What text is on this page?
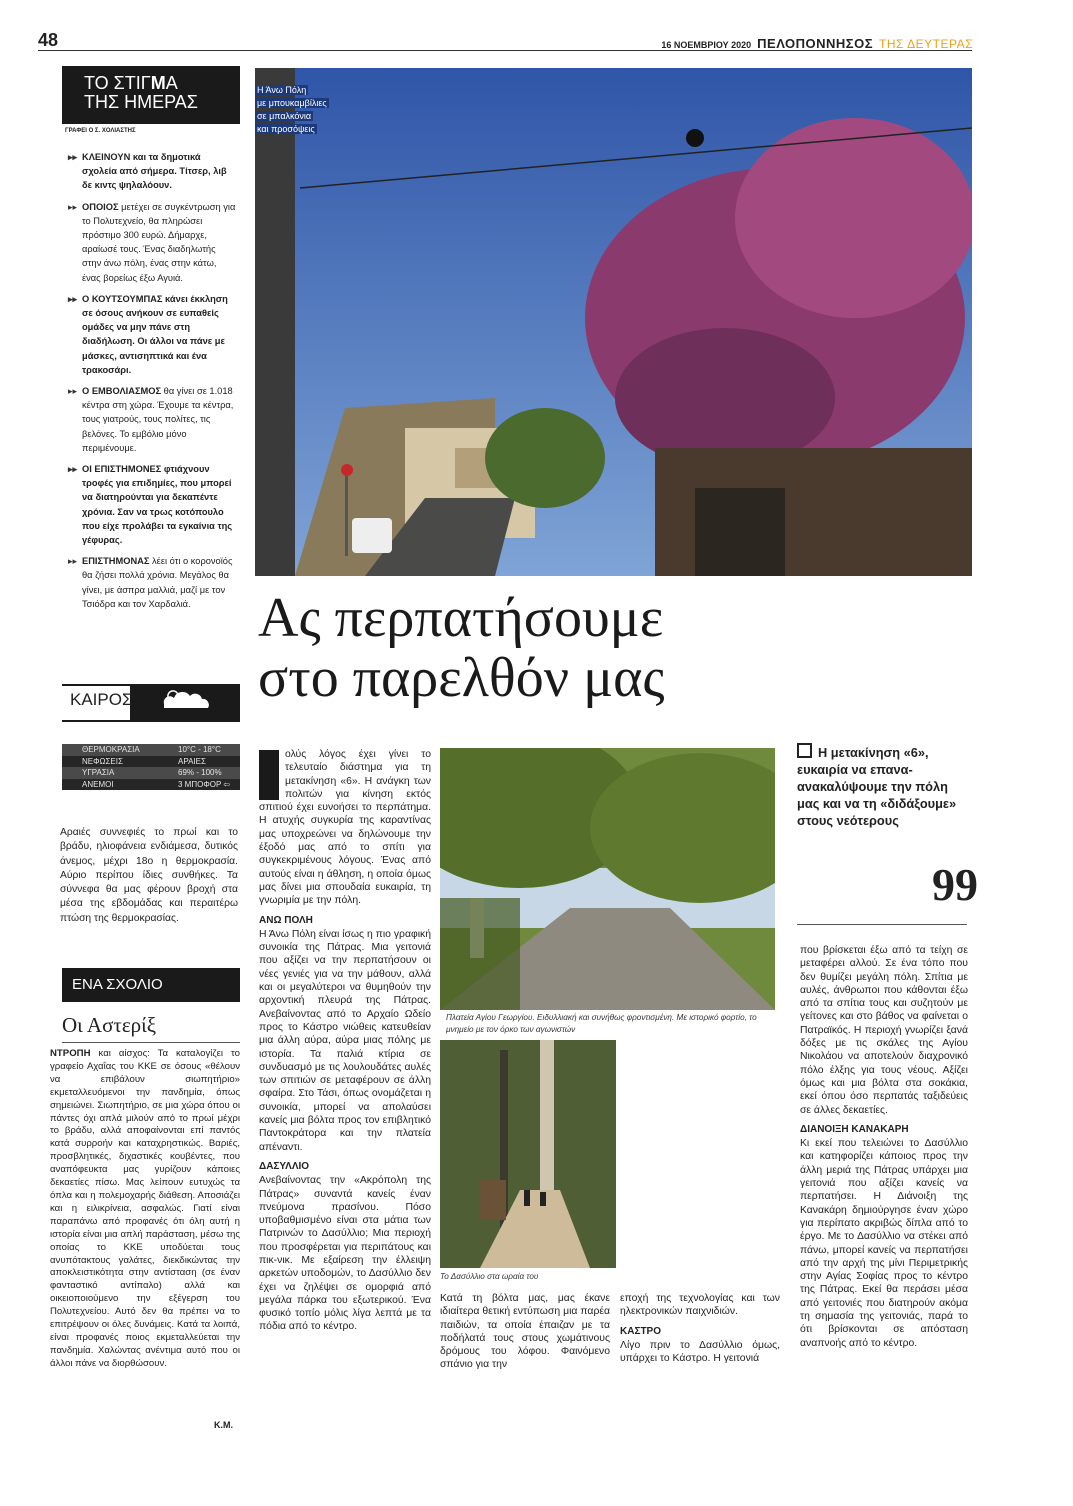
48	16 ΝΟΕΜΒΡΙΟΥ 2020 ΠΕΛΟΠΟΝΝΗΣΟΣ ΤΗΣ ΔΕΥΤΕΡΑΣ
ΤΟ ΣΤΙΓΜΑ
ΤΗΣ ΗΜΕΡΑΣ
ΓΡΑΦΕΙ Ο Σ. ΧΟΛΙΑΣΤΗΣ
▸▸ ΚΛΕΙΝΟΥΝ και τα δημοτικά σχολεία από σήμερα. Τίτσερ, λιβ δε κιντς ψηλαλόουν.
▸▸ ΟΠΟΙΟΣ μετέχει σε συγκέντρωση για το Πολυτεχνείο, θα πληρώσει πρόστιμο 300 ευρώ. Δήμαρχε, αραίωσέ τους. Ένας διαδηλωτής στην άνω πόλη, ένας στην κάτω, ένας βορείως έξω Αγυιά.
▸▸ Ο ΚΟΥΤΣΟΥΜΠΑΣ κάνει έκκληση σε όσους ανήκουν σε ευπαθείς ομάδες να μην πάνε στη διαδήλωση. Οι άλλοι να πάνε με μάσκες, αντισηπτικά και ένα τρακοσάρι.
▸▸ Ο ΕΜΒΟΛΙΑΣΜΟΣ θα γίνει σε 1.018 κέντρα στη χώρα. Έχουμε τα κέντρα, τους γιατρούς, τους πολίτες, τις βελόνες. Το εμβόλιο μόνο περιμένουμε.
▸▸ ΟΙ ΕΠΙΣΤΗΜΟΝΕΣ φτιάχνουν τροφές για επιδημίες, που μπορεί να διατηρούνται για δεκαπέντε χρόνια. Σαν να τρως κοτόπουλο που είχε προλάβει τα εγκαίνια της γέφυρας.
▸▸ ΕΠΙΣΤΗΜΟΝΑΣ λέει ότι ο κορονοϊός θα ζήσει πολλά χρόνια. Μεγάλος θα γίνει, με άσπρα μαλλιά, μαζί με τον Τσιόδρα και τον Χαρδαλιά.
ΚΑΙΡΟΣ
ΘΕΡΜΟΚΡΑΣΙΑ	10°C - 18°C
ΝΕΦΩΣΕΙΣ	ΑΡΑΙΕΣ
ΥΓΡΑΣΙΑ	69% - 100%
ΑΝΕΜΟΙ	3 ΜΠΟΦΟΡ ⇦
Αραιές συννεφιές το πρωί και το βράδυ, ηλιοφάνεια ενδιάμεσα, δυτικός άνεμος, μέχρι 18ο η θερμοκρασία. Αύριο περίπου ίδιες συνθήκες. Τα σύννεφα θα μας φέρουν βροχή στα μέσα της εβδομάδας και περαιτέρω πτώση της θερμοκρασίας.
ΕΝΑ ΣΧΟΛΙΟ
Οι Αστερίξ
ΝΤΡΟΠΗ και αίσχος: Τα καταλογίζει το γραφείο Αχαΐας του ΚΚΕ σε όσους «θέλουν να επιβάλουν σιωπητήριο» εκμεταλλευόμενοι την πανδημία, όπως σημειώνει. Σιωπητήριο, σε μια χώρα όπου οι πάντες όχι απλά μιλούν από το πρωί μέχρι το βράδυ, αλλά αποφαίνονται επί παντός κατά συρροήν και καταχρηστικώς. Βαριές, προσβλητικές, διχαστικές κουβέντες, που αναπόφευκτα μας γυρίζουν κάποιες δεκαετίες πίσω. Μας λείπουν ευτυχώς τα όπλα και η πολεμοχαρής διάθεση. Αποσιάζει και η ειλικρίνεια, ασφαλώς. Γιατί είναι παραπάνω από προφανές ότι όλη αυτή η ιστορία είναι μια απλή παράσταση, μέσω της οποίας το ΚΚΕ υποδύεται τους ανυπότακτους γαλάτες, διεκδικώντας την αποκλειστικότητα στην αντίσταση (σε έναν φανταστικό αντίπαλο) αλλά και οικειοποιούμενο την εξέγερση του Πολυτεχνείου. Αυτό δεν θα πρέπει να το επιτρέψουν οι όλες δυνάμεις. Κατά τα λοιπά, είναι προφανές ποιος εκμεταλλεύεται την πανδημία. Χαλώντας ανέντιμα αυτό που οι άλλοι πάνε να διορθώσουν.
Κ.Μ.
Η Άνω Πόλη
με μπουκαμβίλιες
σε μπαλκόνια
και προσόψεις
Ας περπατήσουμε
στο παρελθόν μας
ολύς λόγος έχει γίνει το τελευταίο διάστημα για τη μετακίνηση «6». Η ανάγκη των πολιτών για κίνηση εκτός σπιτιού έχει ευνοήσει το περπάτημα. Η ατυχής συγκυρία της καραντίνας μας υποχρεώνει να δηλώνουμε την έξοδό μας από το σπίτι για συγκεκριμένους λόγους. Ένας από αυτούς είναι η άθληση, η οποία όμως μας δίνει μια σπουδαία ευκαιρία, τη γνωριμία με την πόλη.
ΑΝΩ ΠΟΛΗ
Η Άνω Πόλη είναι ίσως η πιο γραφική συνοικία της Πάτρας. Μια γειτονιά που αξίζει να την περπατήσουν οι νέες γενιές για να την μάθουν, αλλά και οι μεγαλύτεροι να θυμηθούν την αρχοντική πλευρά της Πάτρας. Ανεβαίνοντας από το Αρχαίο Ωδείο προς το Κάστρο νιώθεις κατευθείαν μια άλλη αύρα, αύρα μιας πόλης με ιστορία. Τα παλιά κτίρια σε συνδυασμό με τις λουλουδάτες αυλές των σπιτιών σε μεταφέρουν σε άλλη σφαίρα. Στο Τάσι, όπως ονομάζεται η συνοικία, μπορεί να απολαύσει κανείς μια βόλτα προς τον επιβλητικό Παντοκράτορα και την πλατεία απέναντι.
ΔΑΣΥΛΛΙΟ
Ανεβαίνοντας την «Ακρόπολη της Πάτρας» συναντά κανείς έναν πνεύμονα πρασίνου. Πόσο υποβαθμισμένο είναι στα μάτια των Πατρινών το Δασύλλιο; Μια περιοχή που προσφέρεται για περιπάτους και πικ-νικ. Με εξαίρεση την έλλειψη αρκετών υποδομών, το Δασύλλιο δεν έχει να ζηλέψει σε ομορφιά από μεγάλα πάρκα του εξωτερικού. Ένα φυσικό τοπίο μόλις λίγα λεπτά με τα πόδια από το κέντρο.
Πλατεία Αγίου Γεωργίου. Ειδυλλιακή και συνήθως φροντισμένη. Με ιστορικό φορτίο, το μνημείο με τον όρκο των αγωνιστών
Το Δασύλλιο στα ωραία του
Κατά τη βόλτα μας, μας έκανε ιδιαίτερα θετική εντύπωση μια παρέα παιδιών, τα οποία έπαιζαν με τα ποδήλατά τους στους χωμάτινους δρόμους του λόφου. Φαινόμενο σπάνιο για την
εποχή της τεχνολογίας και των ηλεκτρονικών παιχνιδιών.
ΚΑΣΤΡΟ
Λίγο πριν το Δασύλλιο όμως, υπάρχει το Κάστρο. Η γειτονιά
Η μετακίνηση «6», ευκαιρία να επανα-ανακαλύψουμε την πόλη μας και να τη «διδάξουμε» στους νεότερους
99
που βρίσκεται έξω από τα τείχη σε μεταφέρει αλλού. Σε ένα τόπο που δεν θυμίζει μεγάλη πόλη. Σπίτια με αυλές, άνθρωποι που κάθονται έξω από τα σπίτια τους και συζητούν με γείτονες και στο βάθος να φαίνεται ο Πατραϊκός. Η περιοχή γνωρίζει ξανά δόξες με τις σκάλες της Αγίου Νικολάου να αποτελούν διαχρονικό πόλο έλξης για τους νέους. Αξίζει όμως και μια βόλτα στα σοκάκια, εκεί όπου όσο περπατάς ταξιδεύεις σε άλλες δεκαετίες.
ΔΙΑΝΟΙΞΗ ΚΑΝΑΚΑΡΗ
Κι εκεί που τελειώνει το Δασύλλιο και κατηφορίζει κάποιος προς την άλλη μεριά της Πάτρας υπάρχει μια γειτονιά που αξίζει κανείς να περπατήσει. Η Διάνοιξη της Κανακάρη δημιούργησε έναν χώρο για περίπατο ακριβώς δίπλα από το έργο. Με το Δασύλλιο να στέκει από πάνω, μπορεί κανείς να περπατήσει από την αρχή της μίνι Περιμετρικής στην Αγίας Σοφίας προς το κέντρο της Πάτρας. Εκεί θα περάσει μέσα από γειτονιές που διατηρούν ακόμα τη σημασία της γειτονιάς, παρά το ότι βρίσκονται σε απόσταση αναπνοής από το κέντρο.
